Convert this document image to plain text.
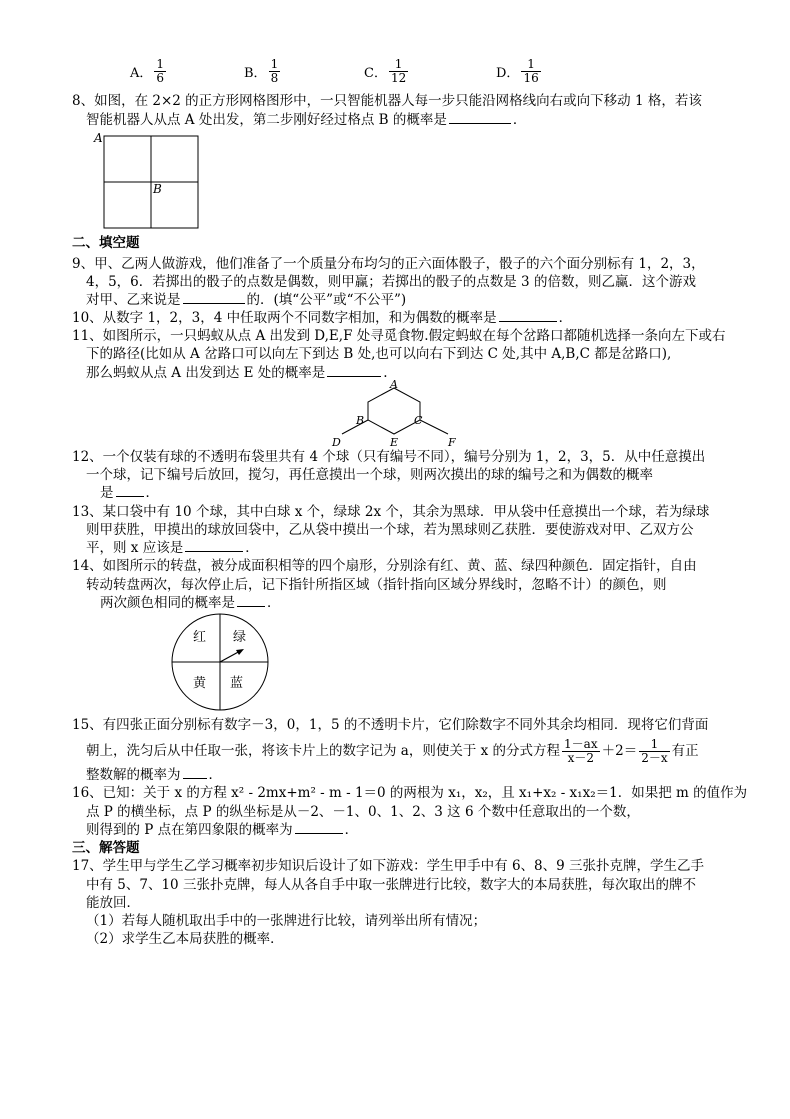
A． $\frac{1}{6}$	B． $\frac{1}{8}$	C． $\frac{1}{12}$	D． $\frac{1}{16}$
8、如图，在 2×2 的正方形网格图形中，一只智能机器人每一步只能沿网格线向右或向下移动 1 格，若该
智能机器人从点 A 处出发，第二步刚好经过格点 B 的概率是	．
A
B
二、填空题
9、甲、乙两人做游戏，他们准备了一个质量分布均匀的正六面体骰子，骰子的六个面分别标有 1，2，3，
4，5，6．若掷出的骰子的点数是偶数，则甲赢；若掷出的骰子的点数是 3 的倍数，则乙赢．这个游戏
对甲、乙来说是	的．(填“公平”或“不公平”)
10、从数字 1，2，3，4 中任取两个不同数字相加，和为偶数的概率是	．
11、如图所示，一只蚂蚁从点 A 出发到 D,E,F 处寻觅食物.假定蚂蚁在每个岔路口都随机选择一条向左下或右
下的路径(比如从 A 岔路口可以向左下到达 B 处,也可以向右下到达 C 处,其中 A,B,C 都是岔路口),
那么蚂蚁从点 A 出发到达 E 处的概率是	.
A
B	C
D	E	F
12、一个仅装有球的不透明布袋里共有 4 个球（只有编号不同），编号分别为 1，2，3，5．从中任意摸出
一个球，记下编号后放回，搅匀，再任意摸出一个球，则两次摸出的球的编号之和为偶数的概率
是 ．
13、某口袋中有 10 个球，其中白球 x 个，绿球 2x 个，其余为黑球．甲从袋中任意摸出一个球，若为绿球
则甲获胜，甲摸出的球放回袋中，乙从袋中摸出一个球，若为黑球则乙获胜．要使游戏对甲、乙双方公
平，则 x 应该是	．
14、如图所示的转盘，被分成面积相等的四个扇形，分别涂有红、黄、蓝、绿四种颜色．固定指针，自由
转动转盘两次，每次停止后，记下指针所指区域（指针指向区域分界线时，忽略不计）的颜色，则
两次颜色相同的概率是 ．
红 绿
黄 蓝
15、有四张正面分别标有数字－3，0，1，5 的不透明卡片，它们除数字不同外其余均相同．现将它们背面
朝上，洗匀后从中任取一张，将该卡片上的数字记为 a，则使关于 x 的分式方程 $\frac{1-ax}{x-2} +2= \frac{1}{2-x}$ 有正
整数解的概率为 ．
16、已知：关于 x 的方程 x² - 2mx+m² - m - 1＝0 的两根为 x₁，x₂，且 x₁+x₂ - x₁x₂＝1．如果把 m 的值作为
点 P 的横坐标，点 P 的纵坐标是从－2、－1、0、1、2、3 这 6 个数中任意取出的一个数，
则得到的 P 点在第四象限的概率为	．
三、解答题
17、学生甲与学生乙学习概率初步知识后设计了如下游戏：学生甲手中有 6、8、9 三张扑克牌，学生乙手
中有 5、7、10 三张扑克牌，每人从各自手中取一张牌进行比较，数字大的本局获胜，每次取出的牌不
能放回．
（1）若每人随机取出手中的一张牌进行比较，请列举出所有情况；
（2）求学生乙本局获胜的概率．
